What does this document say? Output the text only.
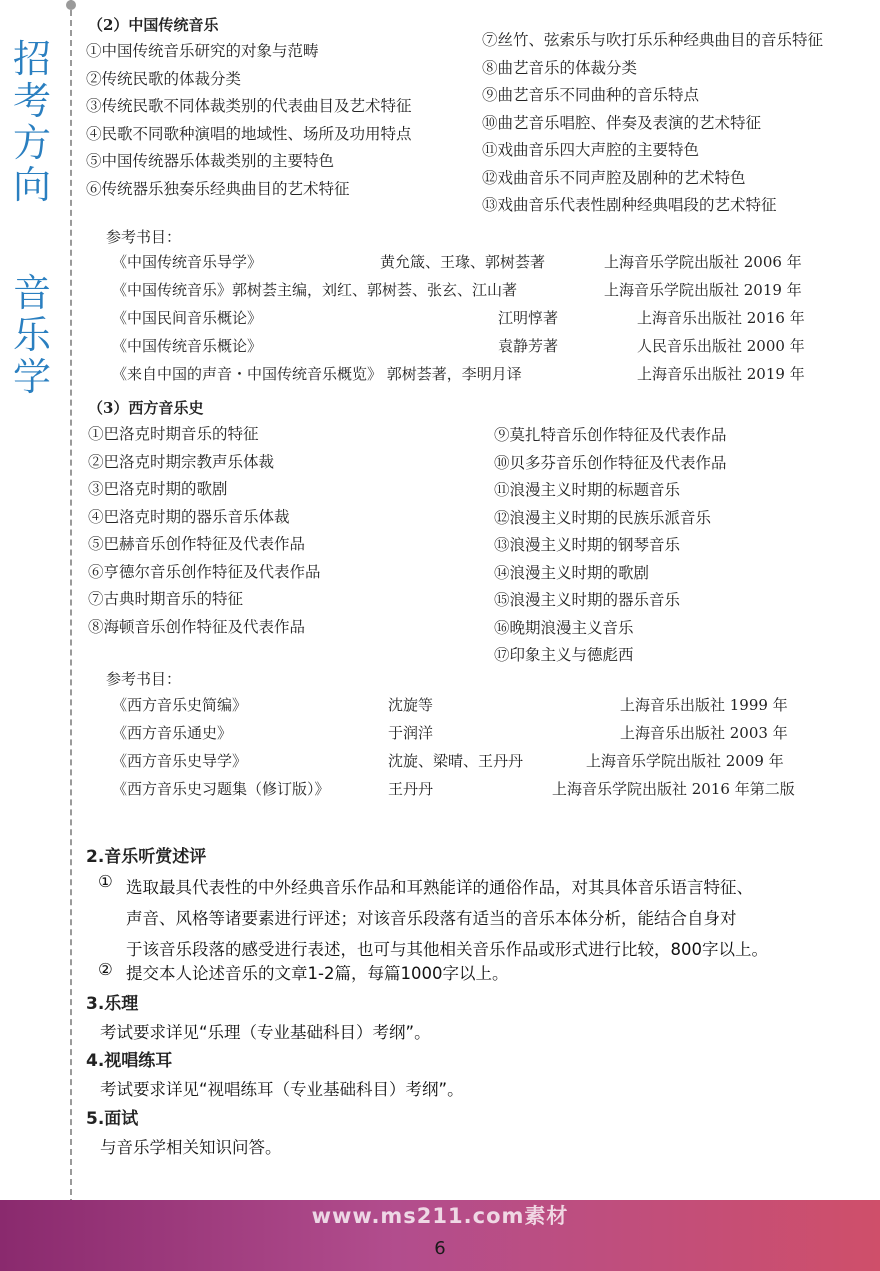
招
考
方
向
音
乐
学
（2）中国传统音乐
①中国传统音乐研究的对象与范畴
②传统民歌的体裁分类
③传统民歌不同体裁类别的代表曲目及艺术特征
④民歌不同歌种演唱的地域性、场所及功用特点
⑤中国传统器乐体裁类别的主要特色
⑥传统器乐独奏乐经典曲目的艺术特征
⑦丝竹、弦索乐与吹打乐乐种经典曲目的音乐特征
⑧曲艺音乐的体裁分类
⑨曲艺音乐不同曲种的音乐特点
⑩曲艺音乐唱腔、伴奏及表演的艺术特征
⑪戏曲音乐四大声腔的主要特色
⑫戏曲音乐不同声腔及剧种的艺术特色
⑬戏曲音乐代表性剧种经典唱段的艺术特征
参考书目：
《中国传统音乐导学》	黄允箴、王瑑、郭树荟著	上海音乐学院出版社 2006 年
《中国传统音乐》郭树荟主编，刘红、郭树荟、张玄、江山著	上海音乐学院出版社 2019 年
《中国民间音乐概论》	江明惇著	上海音乐出版社 2016 年
《中国传统音乐概论》	袁静芳著	人民音乐出版社 2000 年
《来自中国的声音・中国传统音乐概览》 郭树荟著，李明月译	上海音乐出版社 2019 年
（3）西方音乐史
①巴洛克时期音乐的特征
②巴洛克时期宗教声乐体裁
③巴洛克时期的歌剧
④巴洛克时期的器乐音乐体裁
⑤巴赫音乐创作特征及代表作品
⑥亨德尔音乐创作特征及代表作品
⑦古典时期音乐的特征
⑧海顿音乐创作特征及代表作品
⑨莫扎特音乐创作特征及代表作品
⑩贝多芬音乐创作特征及代表作品
⑪浪漫主义时期的标题音乐
⑫浪漫主义时期的民族乐派音乐
⑬浪漫主义时期的钢琴音乐
⑭浪漫主义时期的歌剧
⑮浪漫主义时期的器乐音乐
⑯晚期浪漫主义音乐
⑰印象主义与德彪西
参考书目：
《西方音乐史简编》	沈旋等	上海音乐出版社 1999 年
《西方音乐通史》	于润洋	上海音乐出版社 2003 年
《西方音乐史导学》	沈旋、梁晴、王丹丹	上海音乐学院出版社 2009 年
《西方音乐史习题集（修订版）》	王丹丹	上海音乐学院出版社 2016 年第二版
2.音乐听赏述评
① 选取最具代表性的中外经典音乐作品和耳熟能详的通俗作品，对其具体音乐语言特征、
声音、风格等诸要素进行评述；对该音乐段落有适当的音乐本体分析，能结合自身对
于该音乐段落的感受进行表述，也可与其他相关音乐作品或形式进行比较，800字以上。
② 提交本人论述音乐的文章1-2篇，每篇1000字以上。
3.乐理
考试要求详见“乐理（专业基础科目）考纲”。
4.视唱练耳
考试要求详见“视唱练耳（专业基础科目）考纲”。
5.面试
与音乐学相关知识问答。
www.ms211.com素材
6
